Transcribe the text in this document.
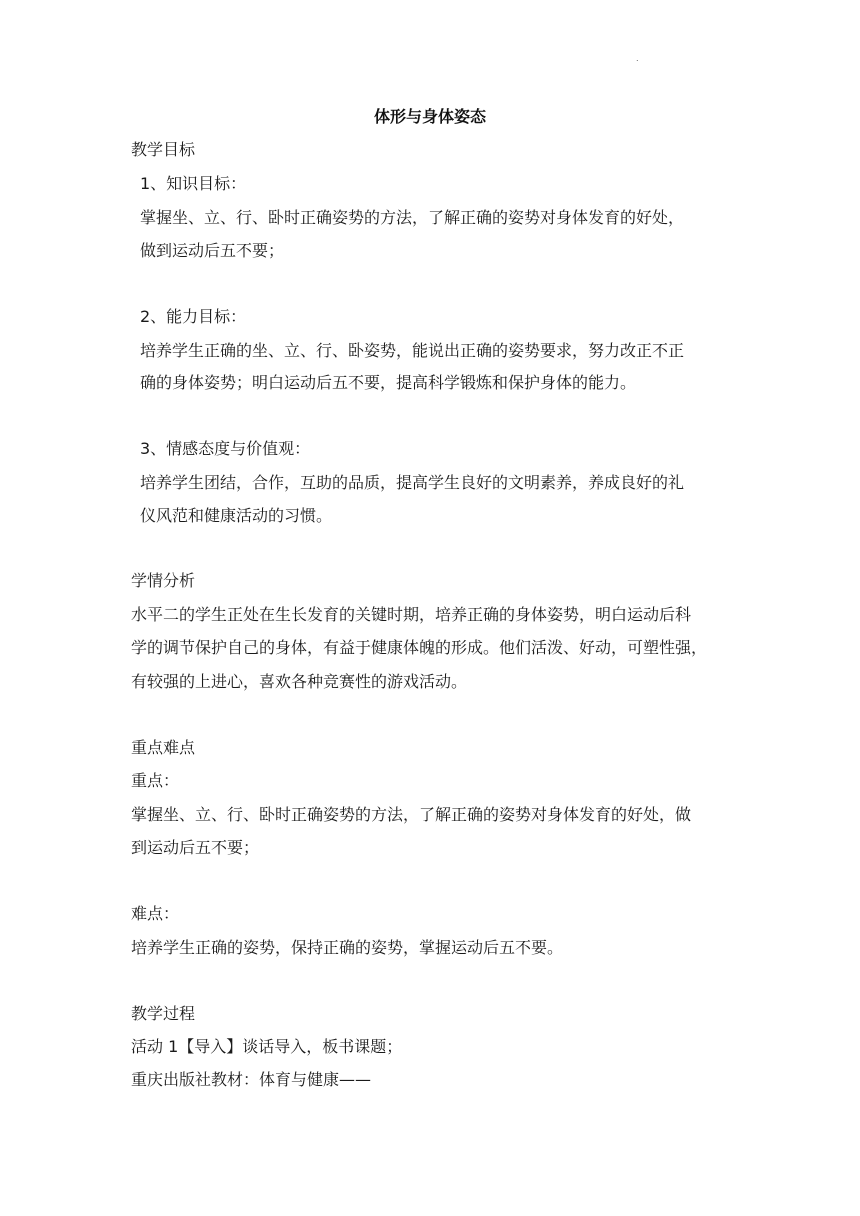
.
体形与身体姿态
教学目标
1、知识目标：
掌握坐、立、行、卧时正确姿势的方法，了解正确的姿势对身体发育的好处，
做到运动后五不要；
2、能力目标：
培养学生正确的坐、立、行、卧姿势，能说出正确的姿势要求，努力改正不正
确的身体姿势；明白运动后五不要，提高科学锻炼和保护身体的能力。
3、情感态度与价值观：
培养学生团结，合作，互助的品质，提高学生良好的文明素养，养成良好的礼
仪风范和健康活动的习惯。
学情分析
水平二的学生正处在生长发育的关键时期，培养正确的身体姿势，明白运动后科
学的调节保护自己的身体，有益于健康体魄的形成。他们活泼、好动，可塑性强，
有较强的上进心，喜欢各种竞赛性的游戏活动。
重点难点
重点：
掌握坐、立、行、卧时正确姿势的方法，了解正确的姿势对身体发育的好处，做
到运动后五不要；
难点：
培养学生正确的姿势，保持正确的姿势，掌握运动后五不要。
教学过程
活动 1【导入】谈话导入，板书课题；
重庆出版社教材：体育与健康——
